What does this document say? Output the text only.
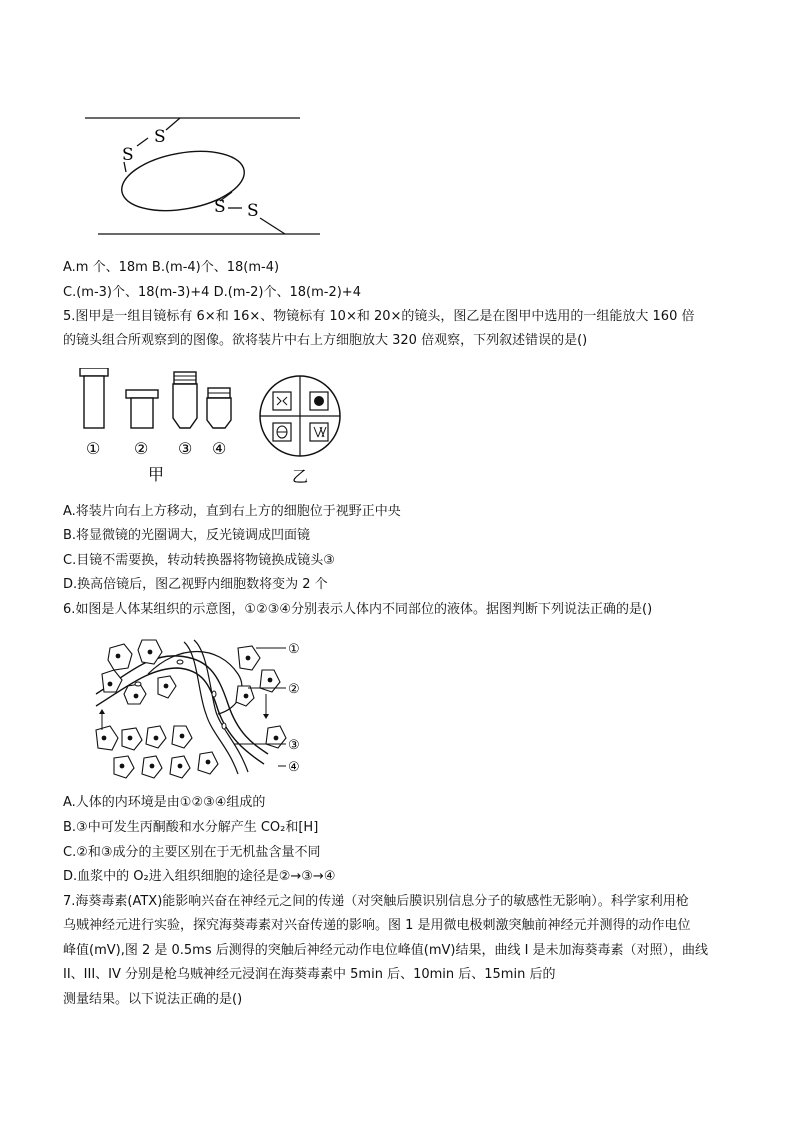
S
S
S S
A.m 个、18m B.(m-4)个、18(m-4)
C.(m-3)个、18(m-3)+4 D.(m-2)个、18(m-2)+4
5.图甲是一组目镜标有 6×和 16×、物镜标有 10×和 20×的镜头，图乙是在图甲中选用的一组能放大 160 倍
的镜头组合所观察到的图像。欲将装片中右上方细胞放大 320 倍观察，下列叙述错误的是()
① ② ③ ④
甲	乙
A.将装片向右上方移动，直到右上方的细胞位于视野正中央
B.将显微镜的光圈调大，反光镜调成凹面镜
C.目镜不需要换，转动转换器将物镜换成镜头③
D.换高倍镜后，图乙视野内细胞数将变为 2 个
6.如图是人体某组织的示意图，①②③④分别表示人体内不同部位的液体。据图判断下列说法正确的是()
①
②
③
④
A.人体的内环境是由①②③④组成的
B.③中可发生丙酮酸和水分解产生 CO₂和[H]
C.②和③成分的主要区别在于无机盐含量不同
D.血浆中的 O₂进入组织细胞的途径是②→③→④
7.海葵毒素(ATX)能影响兴奋在神经元之间的传递（对突触后膜识别信息分子的敏感性无影响）。科学家利用枪
乌贼神经元进行实验，探究海葵毒素对兴奋传递的影响。图 1 是用微电极刺激突触前神经元并测得的动作电位
峰值(mV),图 2 是 0.5ms 后测得的突触后神经元动作电位峰值(mV)结果，曲线 I 是未加海葵毒素（对照），曲线
II、III、IV 分别是枪乌贼神经元浸润在海葵毒素中 5min 后、10min 后、15min 后的
测量结果。以下说法正确的是()
